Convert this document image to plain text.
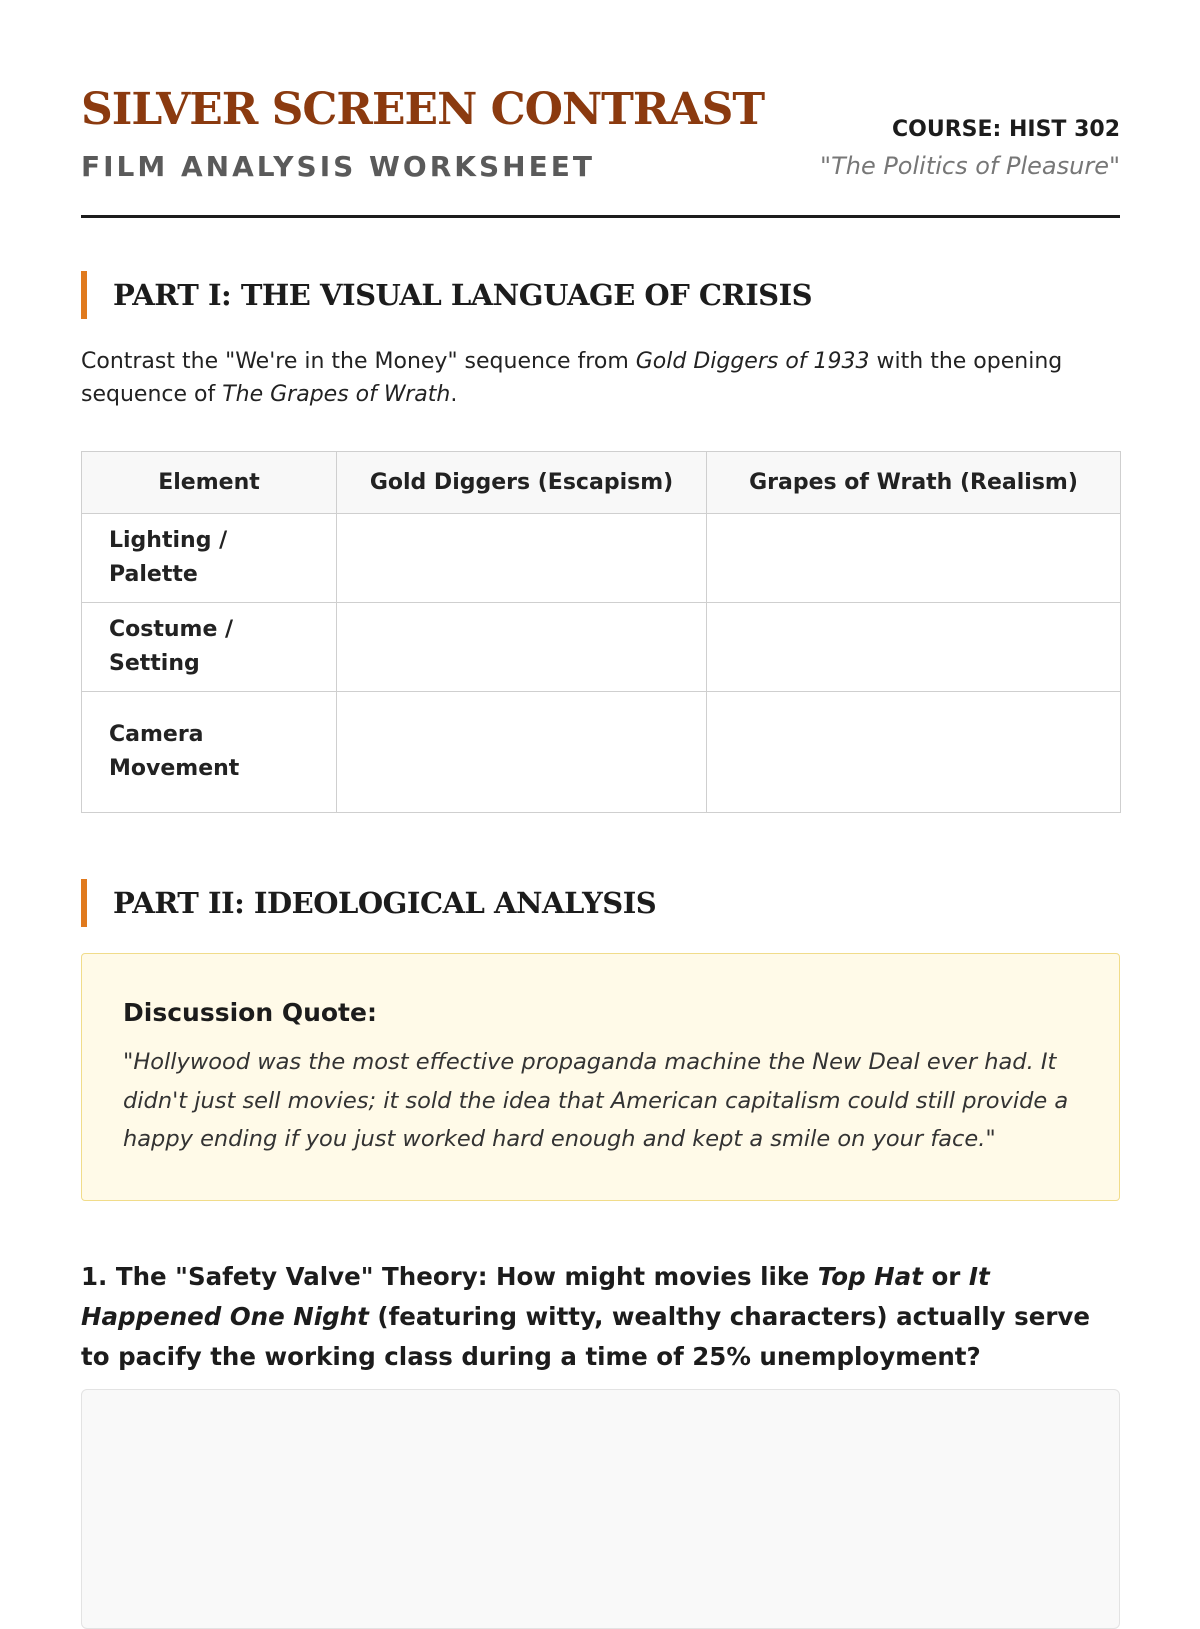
SILVER SCREEN CONTRAST
FILM ANALYSIS WORKSHEET
COURSE: HIST 302
"The Politics of Pleasure"
PART I: THE VISUAL LANGUAGE OF CRISIS

Contrast the "We're in the Money" sequence from Gold Diggers of 1933 with the opening sequence of The Grapes of Wrath.

Element	Gold Diggers (Escapism)	Grapes of Wrath (Realism)
Lighting / Palette		
Costume / Setting		
Camera Movement		
PART II: IDEOLOGICAL ANALYSIS

Discussion Quote:

"Hollywood was the most effective propaganda machine the New Deal ever had. It didn't just sell movies; it sold the idea that American capitalism could still provide a happy ending if you just worked hard enough and kept a smile on your face."

1. The "Safety Valve" Theory: How might movies like Top Hat or It Happened One Night (featuring witty, wealthy characters) actually serve to pacify the working class during a time of 25% unemployment?
